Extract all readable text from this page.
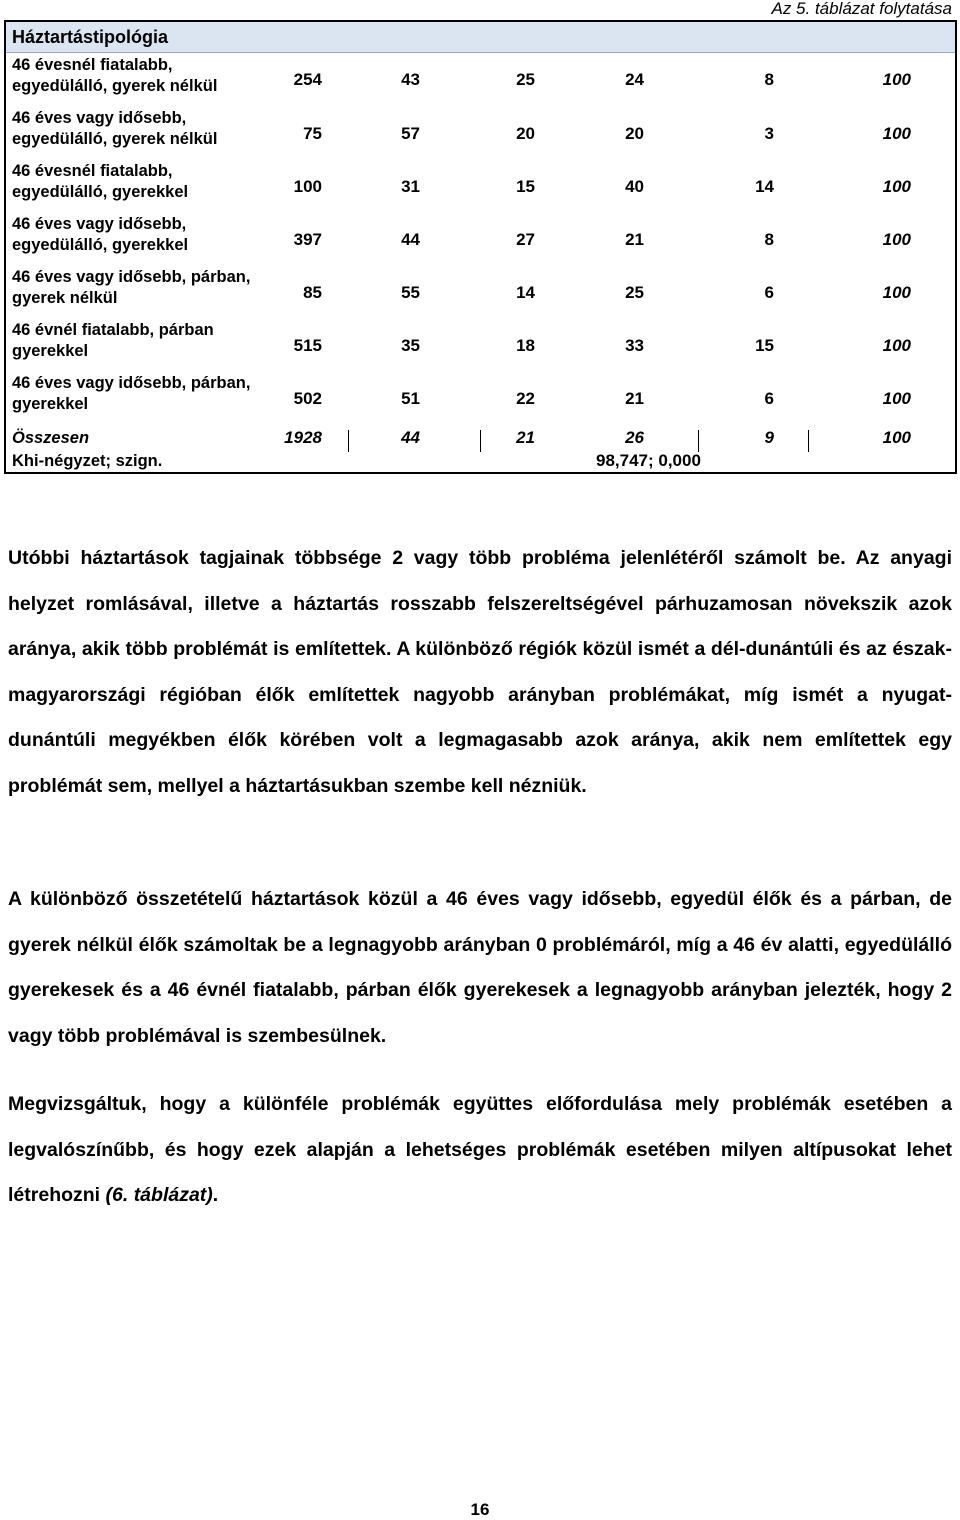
Az 5. táblázat folytatása
Háztartástipológia
46 évesnél fiatalabb, egyedülálló, gyerek nélkül	254	43	25	24	8	100
46 éves vagy idősebb, egyedülálló, gyerek nélkül	75	57	20	20	3	100
46 évesnél fiatalabb, egyedülálló, gyerekkel	100	31	15	40	14	100
46 éves vagy idősebb, egyedülálló, gyerekkel	397	44	27	21	8	100
46 éves vagy idősebb, párban, gyerek nélkül	85	55	14	25	6	100
46 évnél fiatalabb, párban gyerekkel	515	35	18	33	15	100
46 éves vagy idősebb, párban, gyerekkel	502	51	22	21	6	100
Összesen	1928	44	21	26	9	100
Khi-négyzet; szign.	98,747; 0,000
Utóbbi háztartások tagjainak többsége 2 vagy több probléma jelenlétéről számolt be. Az anyagi helyzet romlásával, illetve a háztartás rosszabb felszereltségével párhuzamosan növekszik azok aránya, akik több problémát is említettek. A különböző régiók közül ismét a dél-dunántúli és az észak-magyarországi régióban élők említettek nagyobb arányban problémákat, míg ismét a nyugat-dunántúli megyékben élők körében volt a legmagasabb azok aránya, akik nem említettek egy problémát sem, mellyel a háztartásukban szembe kell nézniük.
A különböző összetételű háztartások közül a 46 éves vagy idősebb, egyedül élők és a párban, de gyerek nélkül élők számoltak be a legnagyobb arányban 0 problémáról, míg a 46 év alatti, egyedülálló gyerekesek és a 46 évnél fiatalabb, párban élők gyerekesek a legnagyobb arányban jelezték, hogy 2 vagy több problémával is szembesülnek.
Megvizsgáltuk, hogy a különféle problémák együttes előfordulása mely problémák esetében a legvalószínűbb, és hogy ezek alapján a lehetséges problémák esetében milyen altípusokat lehet létrehozni (6. táblázat).
16
